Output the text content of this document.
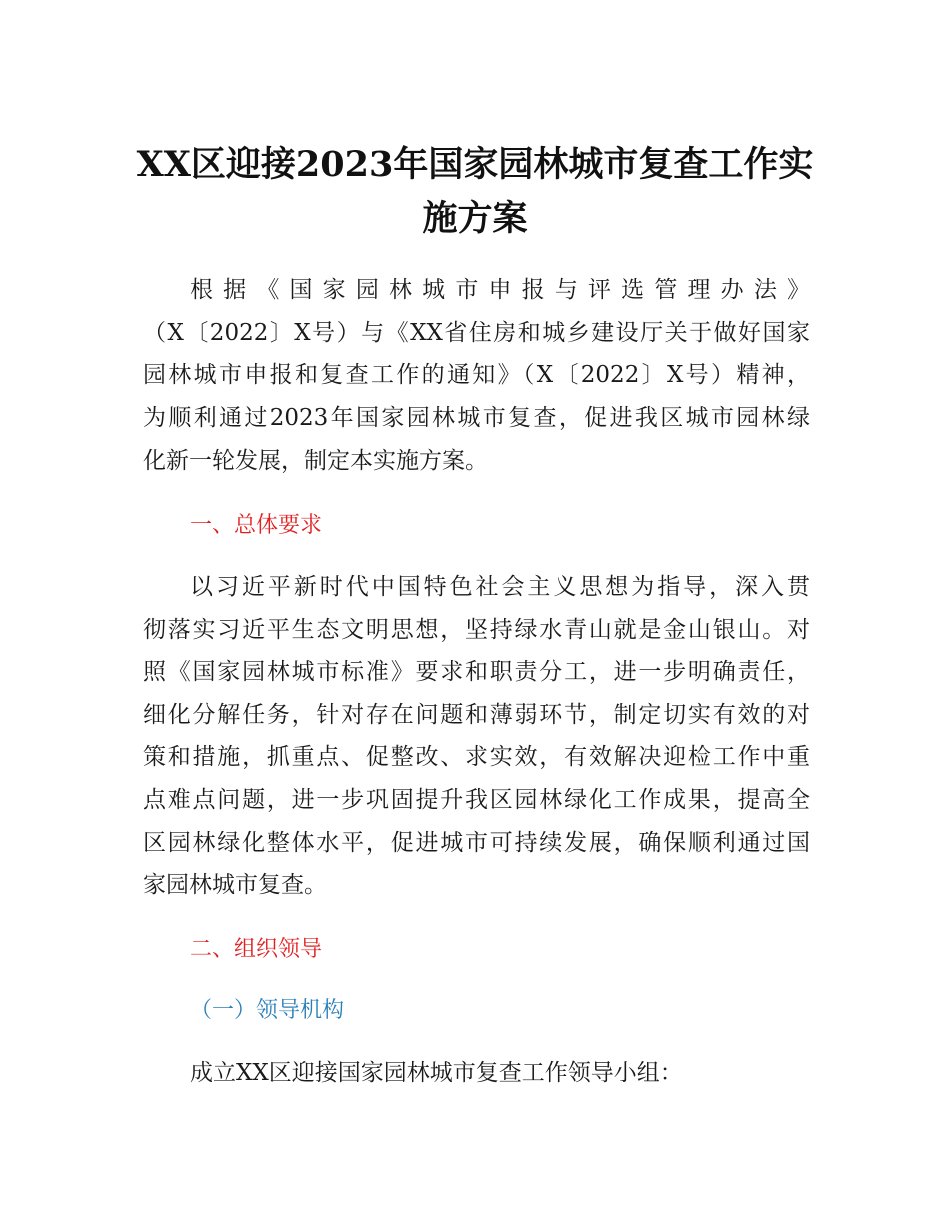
XX区迎接2023年国家园林城市复查工作实
施方案
根据《国家园林城市申报与评选管理办法》
（X〔2022〕X号）与《XX省住房和城乡建设厅关于做好国家
园林城市申报和复查工作的通知》（X〔2022〕X号）精神，
为顺利通过2023年国家园林城市复查，促进我区城市园林绿
化新一轮发展，制定本实施方案。
一、总体要求
以习近平新时代中国特色社会主义思想为指导，深入贯
彻落实习近平生态文明思想，坚持绿水青山就是金山银山。对
照《国家园林城市标准》要求和职责分工，进一步明确责任，
细化分解任务，针对存在问题和薄弱环节，制定切实有效的对
策和措施，抓重点、促整改、求实效，有效解决迎检工作中重
点难点问题，进一步巩固提升我区园林绿化工作成果，提高全
区园林绿化整体水平，促进城市可持续发展，确保顺利通过国
家园林城市复查。
二、组织领导
（一）领导机构
成立XX区迎接国家园林城市复查工作领导小组：
